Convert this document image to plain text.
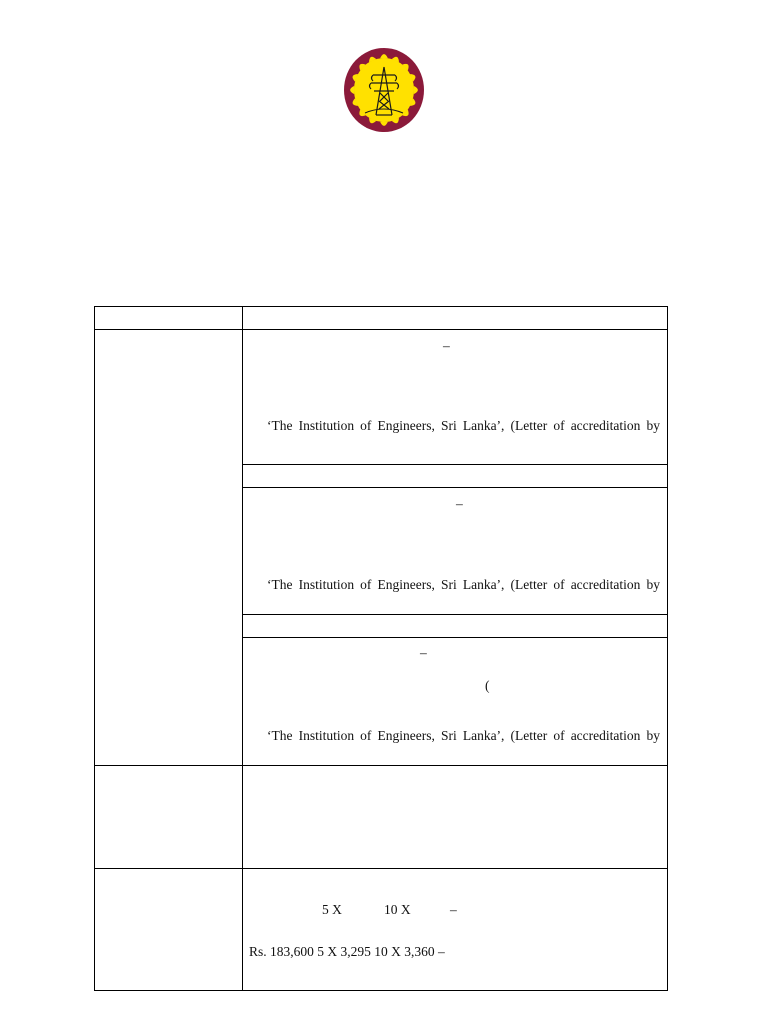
–
‘The Institution of Engineers, Sri Lanka’, (Letter of accreditation by
–
‘The Institution of Engineers, Sri Lanka’, (Letter of accreditation by
–
(
‘The Institution of Engineers, Sri Lanka’, (Letter of accreditation by
5 X	10 X	–
Rs. 183,600 5 X 3,295 10 X 3,360 –
